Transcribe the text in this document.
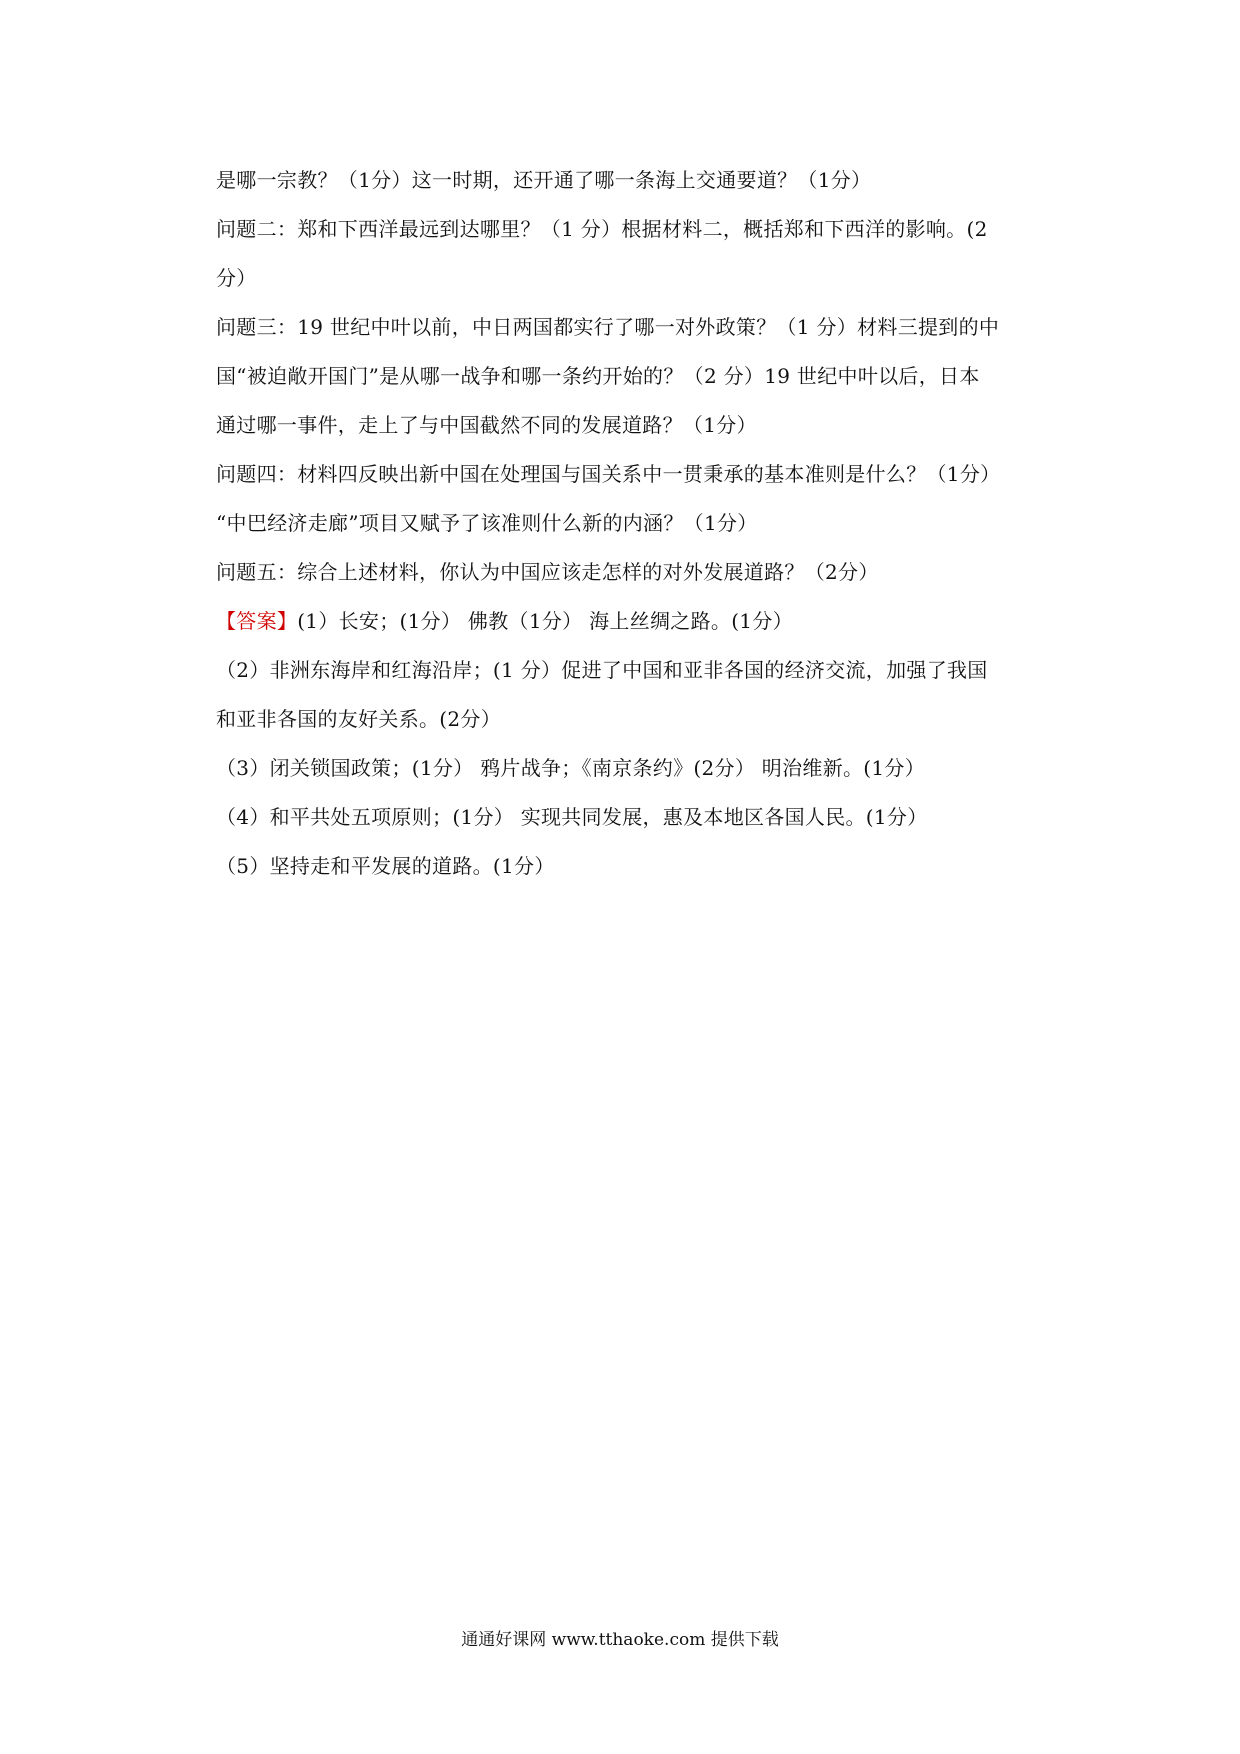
是哪一宗教？（1分）这一时期，还开通了哪一条海上交通要道？（1分）
问题二：郑和下西洋最远到达哪里？（1 分）根据材料二，概括郑和下西洋的影响。(2
分）
问题三：19 世纪中叶以前，中日两国都实行了哪一对外政策？（1 分）材料三提到的中
国“被迫敞开国门”是从哪一战争和哪一条约开始的？（2 分）19 世纪中叶以后，日本
通过哪一事件，走上了与中国截然不同的发展道路？（1分）
问题四：材料四反映出新中国在处理国与国关系中一贯秉承的基本准则是什么？（1分）
“中巴经济走廊”项目又赋予了该准则什么新的内涵？（1分）
问题五：综合上述材料，你认为中国应该走怎样的对外发展道路？（2分）
【答案】(1）长安；(1分） 佛教（1分） 海上丝绸之路。(1分）
（2）非洲东海岸和红海沿岸；(1 分）促进了中国和亚非各国的经济交流，加强了我国
和亚非各国的友好关系。(2分）
（3）闭关锁国政策；(1分） 鸦片战争；《南京条约》(2分） 明治维新。(1分）
（4）和平共处五项原则；(1分） 实现共同发展，惠及本地区各国人民。(1分）
（5）坚持走和平发展的道路。(1分）
通通好课网 www.tthaoke.com 提供下载
